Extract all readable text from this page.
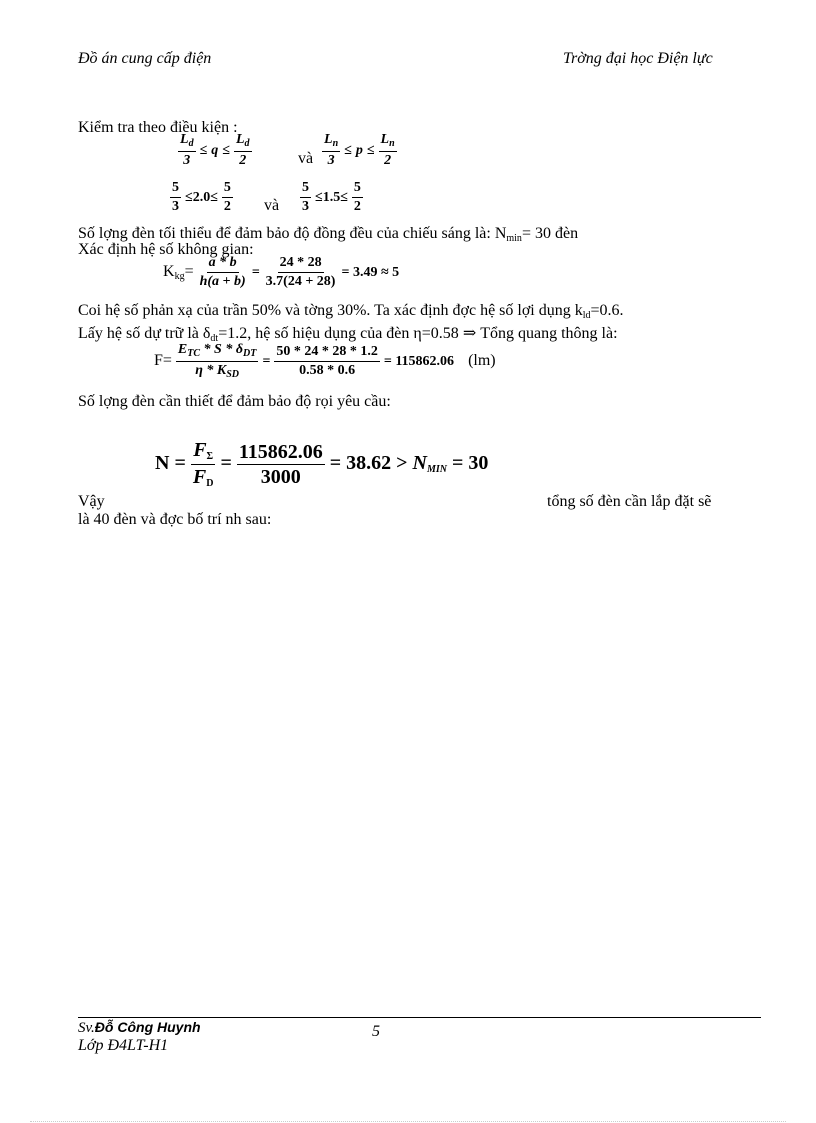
Đồ án cung cấp điện	Trờng đại học Điện lực
Kiểm tra theo điều kiện :
$\frac{L_d}{3} \le q \le \frac{L_d}{2}$	và $\frac{L_n}{3} \le p \le \frac{L_n}{2}$
$\frac{5}{3} \le 2.0\le \frac{5}{2}$ và $\frac{5}{3} \le 1.5\le \frac{5}{2}$
Số lợng đèn tối thiểu để đảm bảo độ đồng đều của chiếu sáng là: $N_{min}= 30$ đèn
Xác định hệ số không gian:
$K_{kg}= \frac{a * b}{h(a + b)} = \frac{24 * 28}{3.7(24 + 28)} = 3.49 \approx 5$
Coi hệ số phản xạ của trần 50% và tờng 30%. Ta xác định đợc hệ số lợi dụng $k_{ld}=0.6$.
Lấy hệ số dự trữ là $\delta_{dt}=1.2$, hệ số hiệu dụng của đèn η=0.58 ⇒ Tổng quang thông là:
$F= \frac{E_{TC} * S * \delta_{DT}}{\eta * K_{SD}} = \frac{50 * 24 * 28 * 1.2}{0.58 * 0.6} = 115862.06$ (lm)
Số lợng đèn cần thiết để đảm bảo độ rọi yêu cầu:
$N = \frac{F_\Sigma}{F_D} = \frac{115862.06}{3000} = 38.62 > N_{MIN} = 30$
Vậy	tổng số đèn cần lắp đặt sẽ
là 40 đèn và đợc bố trí nh sau:
Sv.Đỗ Công Huynh	5
Lớp Đ4LT-H1
